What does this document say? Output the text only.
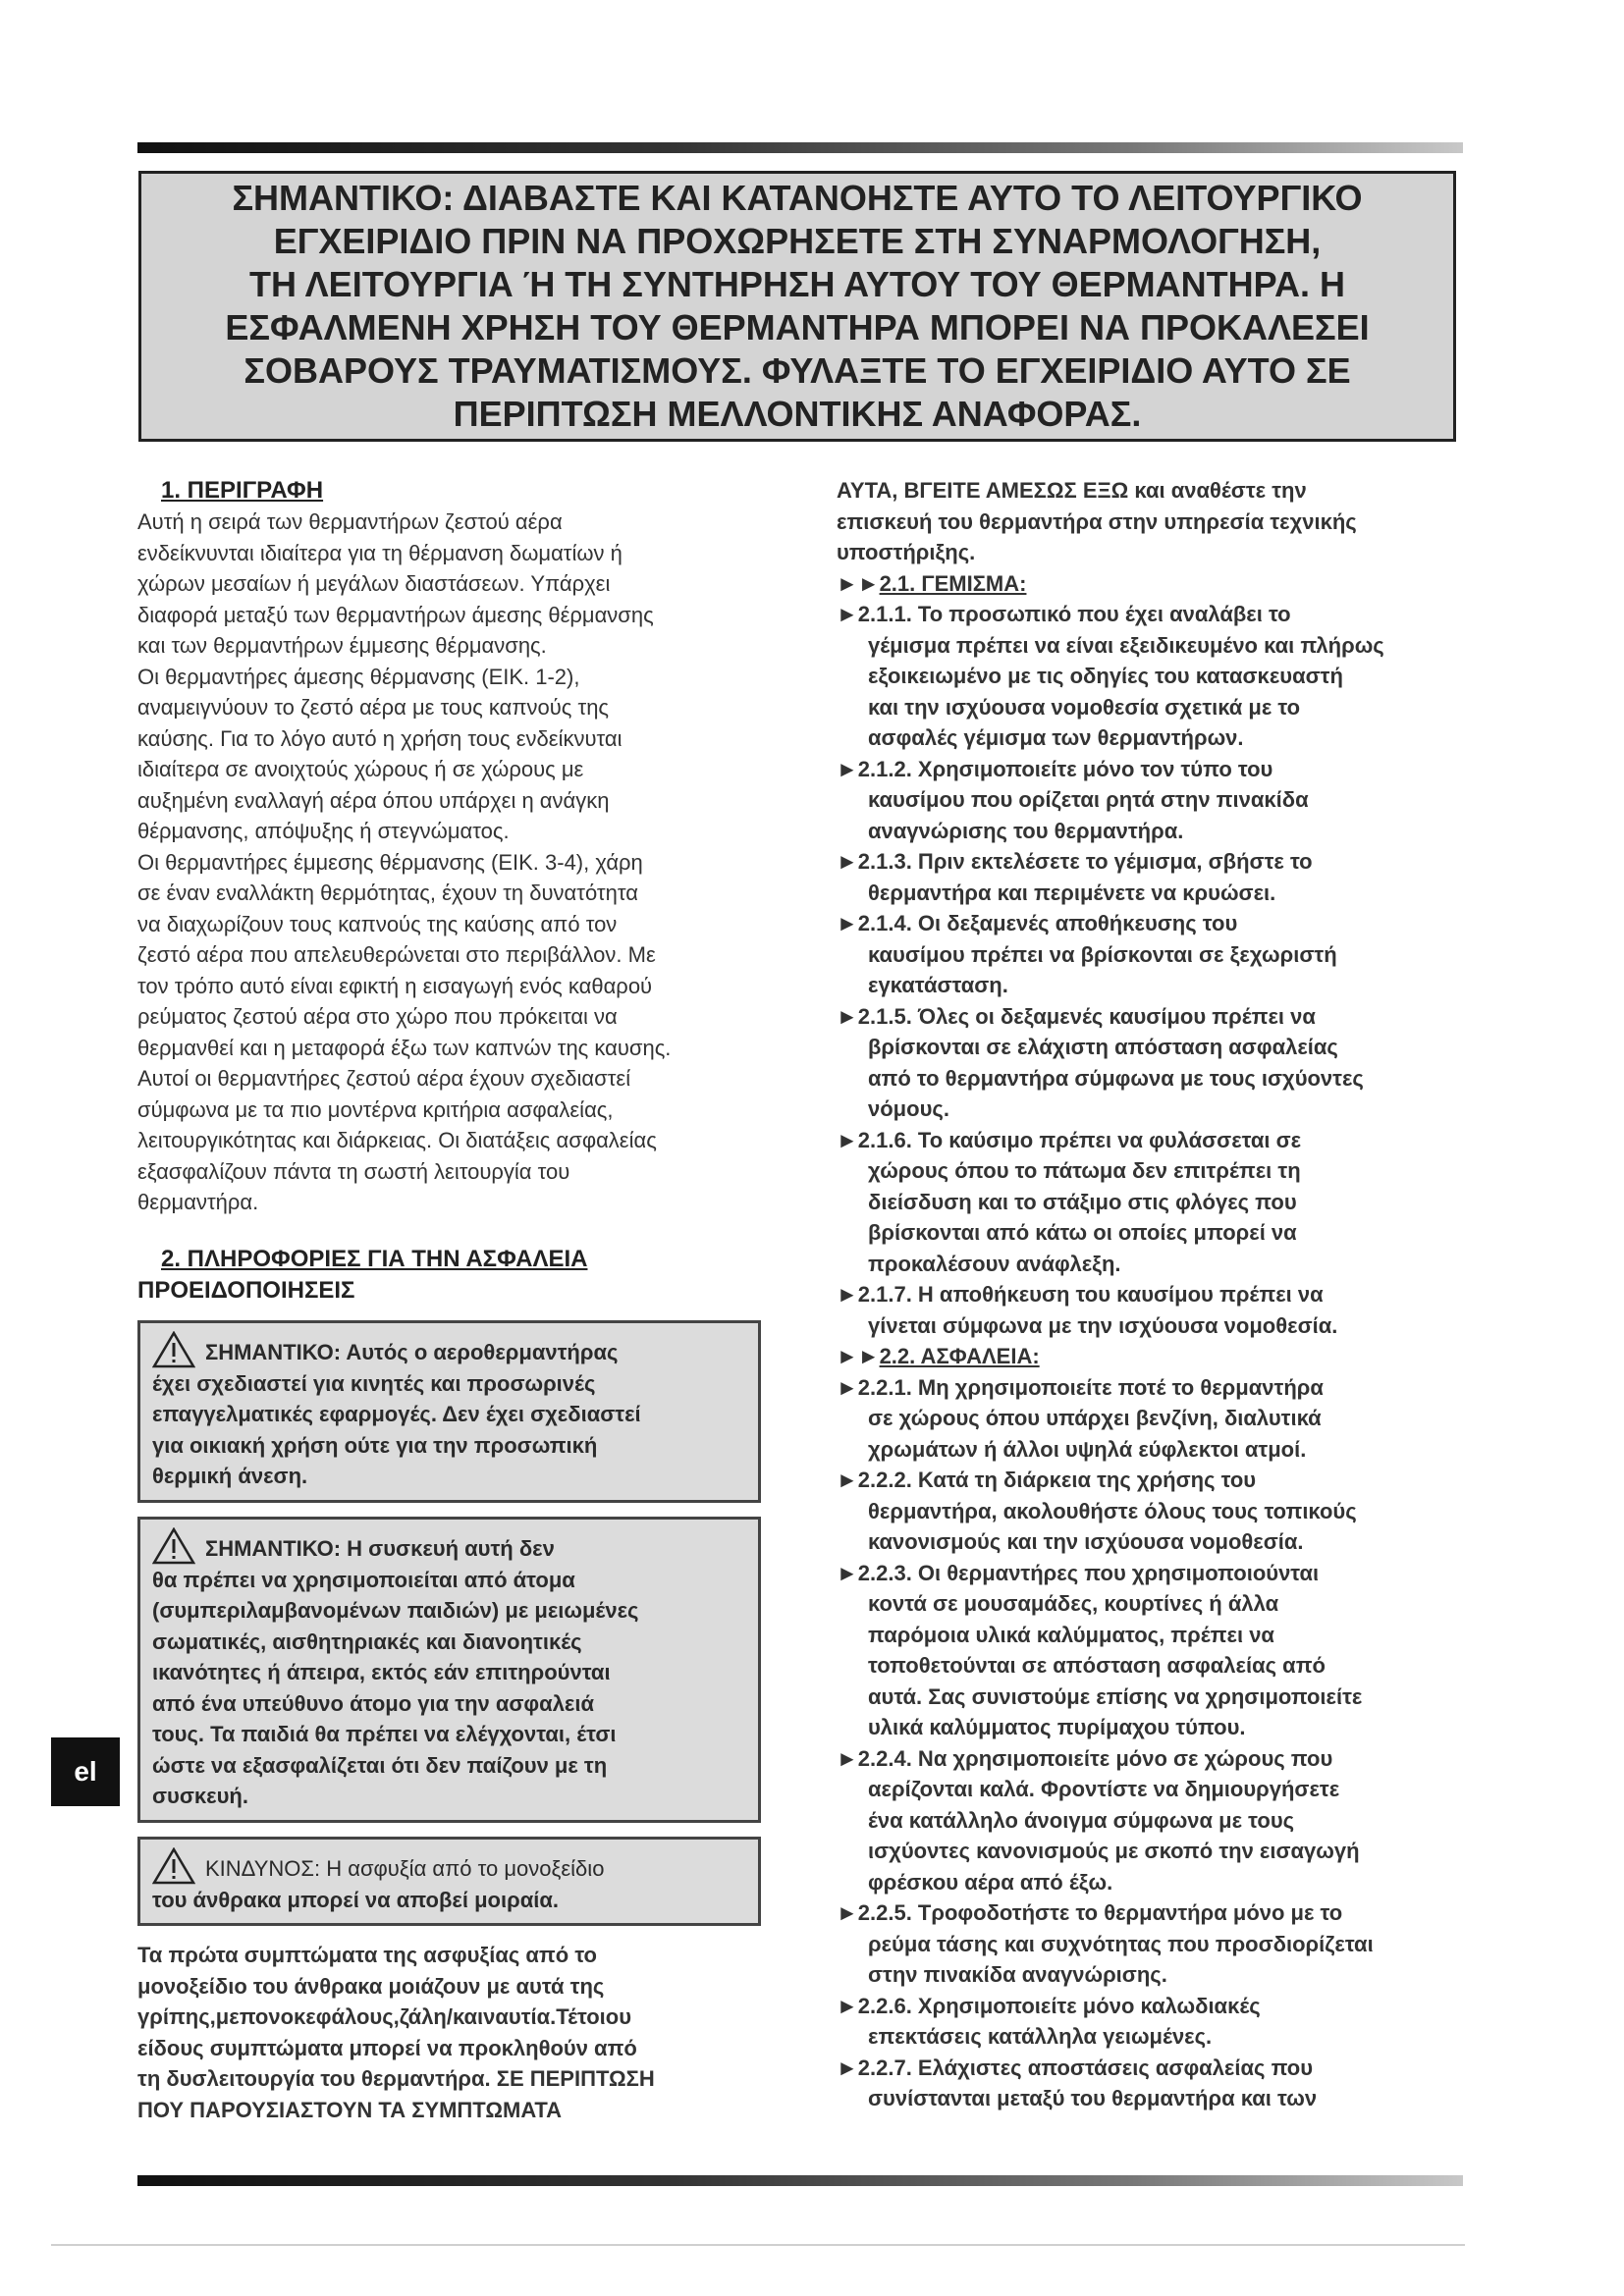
ΣΗΜΑΝΤΙΚΟ: ΔΙΑΒΑΣΤΕ ΚΑΙ ΚΑΤΑΝΟΗΣΤΕ ΑΥΤΟ ΤΟ ΛΕΙΤΟΥΡΓΙΚΟ
ΕΓΧΕΙΡΙΔΙΟ ΠΡΙΝ ΝΑ ΠΡΟΧΩΡΗΣΕΤΕ ΣΤΗ ΣΥΝΑΡΜΟΛΟΓΗΣΗ,
ΤΗ ΛΕΙΤΟΥΡΓΙΑ Ή ΤΗ ΣΥΝΤΗΡΗΣΗ ΑΥΤΟΥ ΤΟΥ ΘΕΡΜΑΝΤΗΡΑ. Η
ΕΣΦΑΛΜΕΝΗ ΧΡΗΣΗ ΤΟΥ ΘΕΡΜΑΝΤΗΡΑ ΜΠΟΡΕΙ ΝΑ ΠΡΟΚΑΛΕΣΕΙ
ΣΟΒΑΡΟΥΣ ΤΡΑΥΜΑΤΙΣΜΟΥΣ. ΦΥΛΑΞΤΕ ΤΟ ΕΓΧΕΙΡΙΔΙΟ ΑΥΤΟ ΣΕ
ΠΕΡΙΠΤΩΣΗ ΜΕΛΛΟΝΤΙΚΗΣ ΑΝΑΦΟΡΑΣ.
1. ΠΕΡΙΓΡΑΦΗ
Αυτή η σειρά των θερμαντήρων ζεστού αέρα
ενδείκνυνται ιδιαίτερα για τη θέρμανση δωματίων ή
χώρων μεσαίων ή μεγάλων διαστάσεων. Υπάρχει
διαφορά μεταξύ των θερμαντήρων άμεσης θέρμανσης
και των θερμαντήρων έμμεσης θέρμανσης.
Οι θερμαντήρες άμεσης θέρμανσης (ΕΙΚ. 1-2),
αναμειγνύουν το ζεστό αέρα με τους καπνούς της
καύσης. Για το λόγο αυτό η χρήση τους ενδείκνυται
ιδιαίτερα σε ανοιχτούς χώρους ή σε χώρους με
αυξημένη εναλλαγή αέρα όπου υπάρχει η ανάγκη
θέρμανσης, απόψυξης ή στεγνώματος.
Οι θερμαντήρες έμμεσης θέρμανσης (ΕΙΚ. 3-4), χάρη
σε έναν εναλλάκτη θερμότητας, έχουν τη δυνατότητα
να διαχωρίζουν τους καπνούς της καύσης από τον
ζεστό αέρα που απελευθερώνεται στο περιβάλλον. Με
τον τρόπο αυτό είναι εφικτή η εισαγωγή ενός καθαρού
ρεύματος ζεστού αέρα στο χώρο που πρόκειται να
θερμανθεί και η μεταφορά έξω των καπνών της καυσης.
Αυτοί οι θερμαντήρες ζεστού αέρα έχουν σχεδιαστεί
σύμφωνα με τα πιο μοντέρνα κριτήρια ασφαλείας,
λειτουργικότητας και διάρκειας. Οι διατάξεις ασφαλείας
εξασφαλίζουν πάντα τη σωστή λειτουργία του
θερμαντήρα.
2. ΠΛΗΡΟΦΟΡΙΕΣ ΓΙΑ ΤΗΝ ΑΣΦΑΛΕΙΑ
ΠΡΟΕΙΔΟΠΟΙΗΣΕΙΣ
ΣΗΜΑΝΤΙΚΟ: Αυτός ο αεροθερμαντήρας
έχει σχεδιαστεί για κινητές και προσωρινές
επαγγελματικές εφαρμογές. Δεν έχει σχεδιαστεί
για οικιακή χρήση ούτε για την προσωπική
θερμική άνεση.
ΣΗΜΑΝΤΙΚΟ: Η συσκευή αυτή δεν
θα πρέπει να χρησιμοποιείται από άτομα
(συμπεριλαμβανομένων παιδιών) με μειωμένες
σωματικές, αισθητηριακές και διανοητικές
ικανότητες ή άπειρα, εκτός εάν επιτηρούνται
από ένα υπεύθυνο άτομο για την ασφαλειά
τους. Τα παιδιά θα πρέπει να ελέγχονται, έτσι
ώστε να εξασφαλίζεται ότι δεν παίζουν με τη
συσκευή.
ΚΙΝΔΥΝΟΣ: Η ασφυξία από το μονοξείδιο
του άνθρακα μπορεί να αποβεί μοιραία.
Τα πρώτα συμπτώματα της ασφυξίας από το
μονοξείδιο του άνθρακα μοιάζουν με αυτά της
γρίπης,μεπονοκεφάλους,ζάλη/καιναυτία.Τέτοιου
είδους συμπτώματα μπορεί να προκληθούν από
τη δυσλειτουργία του θερμαντήρα. ΣΕ ΠΕΡΙΠΤΩΣΗ
ΠΟΥ ΠΑΡΟΥΣΙΑΣΤΟΥΝ ΤΑ ΣΥΜΠΤΩΜΑΤΑ
ΑΥΤΑ, ΒΓΕΙΤΕ ΑΜΕΣΩΣ ΕΞΩ και αναθέστε την
επισκευή του θερμαντήρα στην υπηρεσία τεχνικής
υποστήριξης.
►►2.1. ΓΕΜΙΣΜΑ:
►2.1.1. Το προσωπικό που έχει αναλάβει το
γέμισμα πρέπει να είναι εξειδικευμένο και πλήρως
εξοικειωμένο με τις οδηγίες του κατασκευαστή
και την ισχύουσα νομοθεσία σχετικά με το
ασφαλές γέμισμα των θερμαντήρων.
►2.1.2. Χρησιμοποιείτε μόνο τον τύπο του
καυσίμου που ορίζεται ρητά στην πινακίδα
αναγνώρισης του θερμαντήρα.
►2.1.3. Πριν εκτελέσετε το γέμισμα, σβήστε το
θερμαντήρα και περιμένετε να κρυώσει.
►2.1.4. Οι δεξαμενές αποθήκευσης του
καυσίμου πρέπει να βρίσκονται σε ξεχωριστή
εγκατάσταση.
►2.1.5. Όλες οι δεξαμενές καυσίμου πρέπει να
βρίσκονται σε ελάχιστη απόσταση ασφαλείας
από το θερμαντήρα σύμφωνα με τους ισχύοντες
νόμους.
►2.1.6. Το καύσιμο πρέπει να φυλάσσεται σε
χώρους όπου το πάτωμα δεν επιτρέπει τη
διείσδυση και το στάξιμο στις φλόγες που
βρίσκονται από κάτω οι οποίες μπορεί να
προκαλέσουν ανάφλεξη.
►2.1.7. Η αποθήκευση του καυσίμου πρέπει να
γίνεται σύμφωνα με την ισχύουσα νομοθεσία.
►►2.2. ΑΣΦΑΛΕΙΑ:
►2.2.1. Μη χρησιμοποιείτε ποτέ το θερμαντήρα
σε χώρους όπου υπάρχει βενζίνη, διαλυτικά
χρωμάτων ή άλλοι υψηλά εύφλεκτοι ατμοί.
►2.2.2. Κατά τη διάρκεια της χρήσης του
θερμαντήρα, ακολουθήστε όλους τους τοπικούς
κανονισμούς και την ισχύουσα νομοθεσία.
►2.2.3. Οι θερμαντήρες που χρησιμοποιούνται
κοντά σε μουσαμάδες, κουρτίνες ή άλλα
παρόμοια υλικά καλύμματος, πρέπει να
τοποθετούνται σε απόσταση ασφαλείας από
αυτά. Σας συνιστούμε επίσης να χρησιμοποιείτε
υλικά καλύμματος πυρίμαχου τύπου.
►2.2.4. Να χρησιμοποιείτε μόνο σε χώρους που
αερίζονται καλά. Φροντίστε να δημιουργήσετε
ένα κατάλληλο άνοιγμα σύμφωνα με τους
ισχύοντες κανονισμούς με σκοπό την εισαγωγή
φρέσκου αέρα από έξω.
►2.2.5. Τροφοδοτήστε το θερμαντήρα μόνο με το
ρεύμα τάσης και συχνότητας που προσδιορίζεται
στην πινακίδα αναγνώρισης.
►2.2.6. Χρησιμοποιείτε μόνο καλωδιακές
επεκτάσεις κατάλληλα γειωμένες.
►2.2.7. Ελάχιστες αποστάσεις ασφαλείας που
συνίστανται μεταξύ του θερμαντήρα και των
el
